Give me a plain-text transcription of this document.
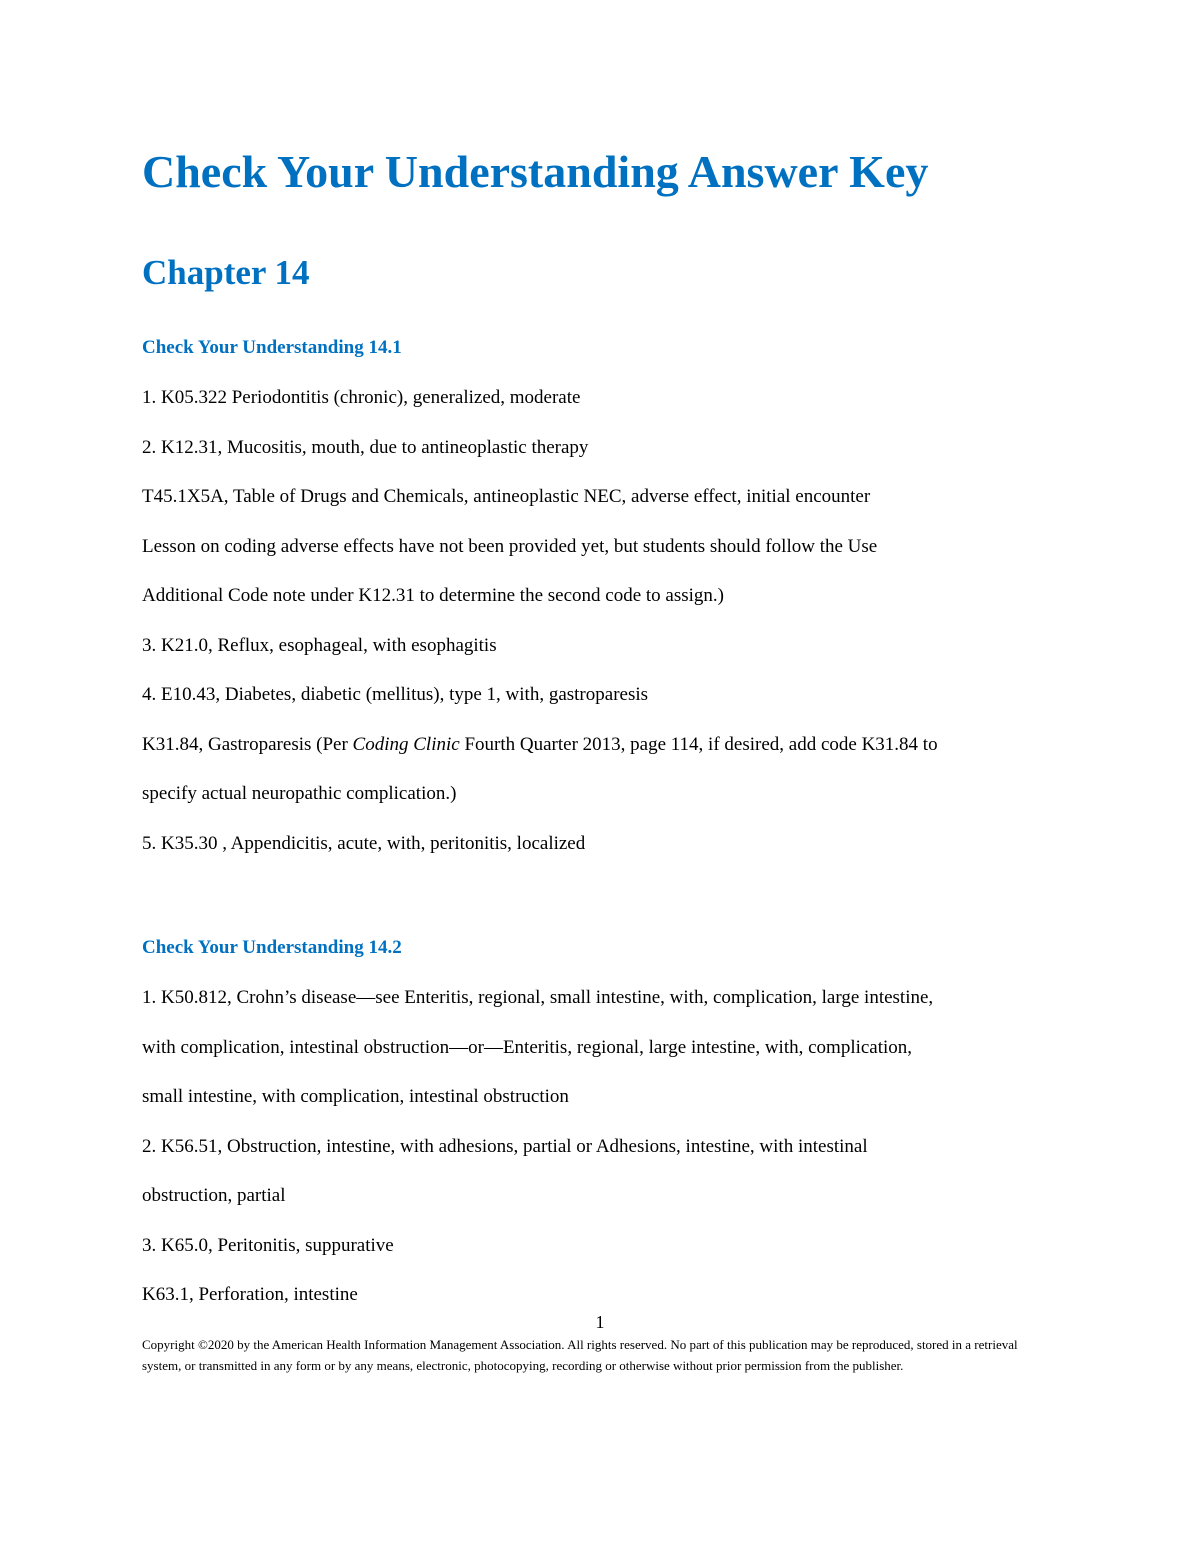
Check Your Understanding Answer Key
Chapter 14
Check Your Understanding 14.1

1. K05.322 Periodontitis (chronic), generalized, moderate

2. K12.31, Mucositis, mouth, due to antineoplastic therapy

T45.1X5A, Table of Drugs and Chemicals, antineoplastic NEC, adverse effect, initial encounter

Lesson on coding adverse effects have not been provided yet, but students should follow the Use

Additional Code note under K12.31 to determine the second code to assign.)

3. K21.0, Reflux, esophageal, with esophagitis

4. E10.43, Diabetes, diabetic (mellitus), type 1, with, gastroparesis

K31.84, Gastroparesis (Per Coding Clinic Fourth Quarter 2013, page 114, if desired, add code K31.84 to

specify actual neuropathic complication.)

5. K35.30 , Appendicitis, acute, with, peritonitis, localized

Check Your Understanding 14.2

1. K50.812, Crohn’s disease—see Enteritis, regional, small intestine, with, complication, large intestine,

with complication, intestinal obstruction—or—Enteritis, regional, large intestine, with, complication,

small intestine, with complication, intestinal obstruction

2. K56.51, Obstruction, intestine, with adhesions, partial or Adhesions, intestine, with intestinal

obstruction, partial

3. K65.0, Peritonitis, suppurative

K63.1, Perforation, intestine

1
Copyright ©2020 by the American Health Information Management Association. All rights reserved. No part of this publication may be reproduced, stored in a retrieval system, or transmitted in any form or by any means, electronic, photocopying, recording or otherwise without prior permission from the publisher.
